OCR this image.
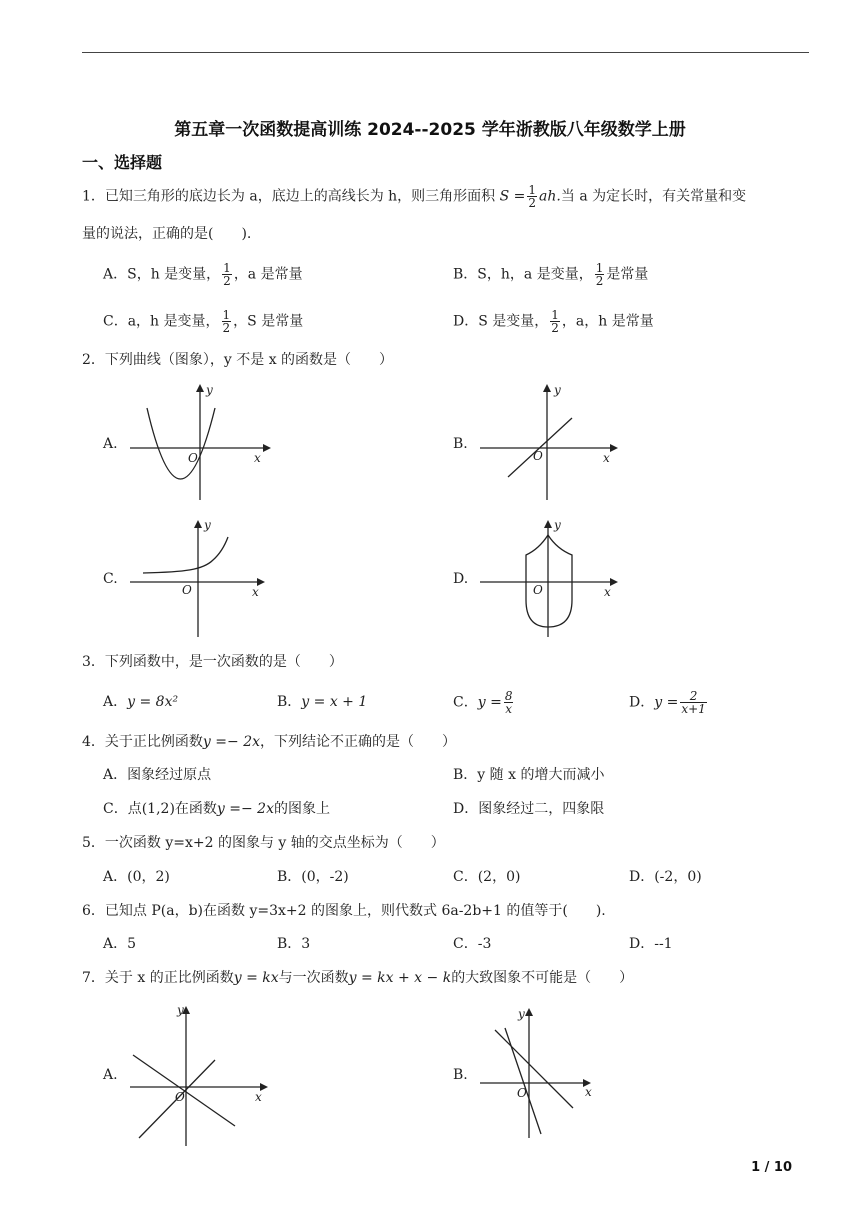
第五章一次函数提高训练 2024--2025 学年浙教版八年级数学上册
一、选择题
1．已知三角形的底边长为 a，底边上的高线长为 h，则三角形面积 $S = \frac{1}{2}$ ah.当 a 为定长时，有关常量和变
量的说法，正确的是(　　).
A．S，h 是变量， $\frac{1}{2}$ ，a 是常量	B．S，h，a 是变量， $\frac{1}{2}$ 是常量
C．a，h 是变量， $\frac{1}{2}$ ，S 是常量	D．S 是变量， $\frac{1}{2}$ ，a，h 是常量
2．下列曲线（图象），y 不是 x 的函数是（　　）
A.
x
y
O
B.
x
y
O
C.
x
y
O
D.
x
y
O
3．下列函数中，是一次函数的是（　　）
A．y = 8x²	B．y = x + 1	C．$y = \frac{8}{x}$	D．$y = \frac{2}{x+1}$
4．关于正比例函数y =− 2x，下列结论不正确的是（　　）
A．图象经过原点	B．y 随 x 的增大而减小
C．点(1,2)在函数y =− 2x的图象上	D．图象经过二，四象限
5．一次函数 y=x+2 的图象与 y 轴的交点坐标为（　　）
A．(0，2)	B．(0，-2)	C．(2，0)	D．(-2，0)
6．已知点 P(a，b)在函数 y=3x+2 的图象上，则代数式 6a-2b+1 的值等于(　　).
A．5	B．3	C．-3	D．--1
7．关于 x 的正比例函数y = kx与一次函数y = kx + x − k的大致图象不可能是（　　）
A.
x
y
O
B.
x
y
O
1 / 10
